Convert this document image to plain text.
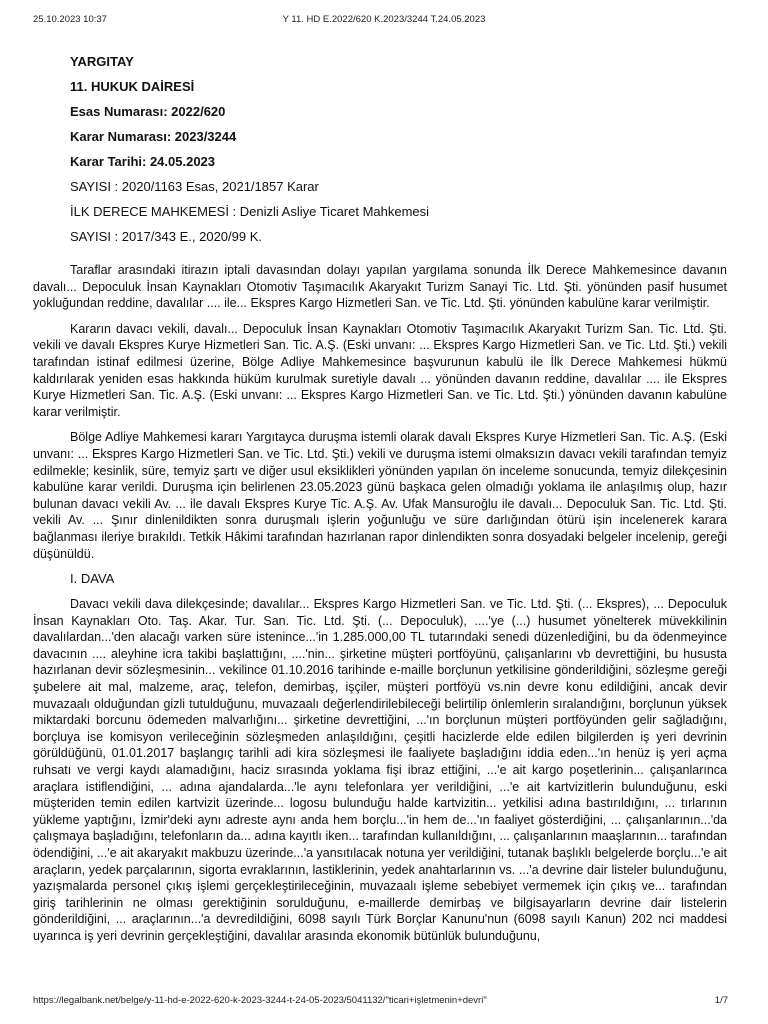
25.10.2023 10:37	Y 11. HD E.2022/620 K.2023/3244 T.24.05.2023
YARGITAY
11. HUKUK DAİRESİ
Esas Numarası: 2022/620
Karar Numarası: 2023/3244
Karar Tarihi: 24.05.2023
SAYISI : 2020/1163 Esas, 2021/1857 Karar
İLK DERECE MAHKEMESİ : Denizli Asliye Ticaret Mahkemesi
SAYISI : 2017/343 E., 2020/99 K.

Taraflar arasındaki itirazın iptali davasından dolayı yapılan yargılama sonunda İlk Derece Mahkemesince davanın davalı... Depoculuk İnsan Kaynakları Otomotiv Taşımacılık Akaryakıt Turizm Sanayi Tic. Ltd. Şti. yönünden pasif husumet yokluğundan reddine, davalılar .... ile... Ekspres Kargo Hizmetleri San. ve Tic. Ltd. Şti. yönünden kabulüne karar verilmiştir.

Kararın davacı vekili, davalı... Depoculuk İnsan Kaynakları Otomotiv Taşımacılık Akaryakıt Turizm San. Tic. Ltd. Şti. vekili ve davalı Ekspres Kurye Hizmetleri San. Tic. A.Ş. (Eski unvanı: ... Ekspres Kargo Hizmetleri San. ve Tic. Ltd. Şti.) vekili tarafından istinaf edilmesi üzerine, Bölge Adliye Mahkemesince başvurunun kabulü ile İlk Derece Mahkemesi hükmü kaldırılarak yeniden esas hakkında hüküm kurulmak suretiyle davalı ... yönünden davanın reddine, davalılar .... ile Ekspres Kurye Hizmetleri San. Tic. A.Ş. (Eski unvanı: ... Ekspres Kargo Hizmetleri San. ve Tic. Ltd. Şti.) yönünden davanın kabulüne karar verilmiştir.

Bölge Adliye Mahkemesi kararı Yargıtayca duruşma istemli olarak davalı Ekspres Kurye Hizmetleri San. Tic. A.Ş. (Eski unvanı: ... Ekspres Kargo Hizmetleri San. ve Tic. Ltd. Şti.) vekili ve duruşma istemi olmaksızın davacı vekili tarafından temyiz edilmekle; kesinlik, süre, temyiz şartı ve diğer usul eksiklikleri yönünden yapılan ön inceleme sonucunda, temyiz dilekçesinin kabulüne karar verildi. Duruşma için belirlenen 23.05.2023 günü başkaca gelen olmadığı yoklama ile anlaşılmış olup, hazır bulunan davacı vekili Av. ... ile davalı Ekspres Kurye Tic. A.Ş. Av. Ufak Mansuroğlu ile davalı... Depoculuk San. Tic. Ltd. Şti. vekili Av. ... Şınır dinlenildikten sonra duruşmalı işlerin yoğunluğu ve süre darlığından ötürü işin incelenerek karara bağlanması ileriye bırakıldı. Tetkik Hâkimi tarafından hazırlanan rapor dinlendikten sonra dosyadaki belgeler incelenip, gereği düşünüldü.

I. DAVA

Davacı vekili dava dilekçesinde; davalılar... Ekspres Kargo Hizmetleri San. ve Tic. Ltd. Şti. (... Ekspres), ... Depoculuk İnsan Kaynakları Oto. Taş. Akar. Tur. San. Tic. Ltd. Şti. (... Depoculuk), ....'ye (...) husumet yönelterek müvekkilinin davalılardan...'den alacağı varken süre istenince...'in 1.285.000,00 TL tutarındaki senedi düzenlediğini, bu da ödenmeyince davacının .... aleyhine icra takibi başlattığını, ....'nin... şirketine müşteri portföyünü, çalışanlarını vb devrettiğini, bu hususta hazırlanan devir sözleşmesinin... vekilince 01.10.2016 tarihinde e-maille borçlunun yetkilisine gönderildiğini, sözleşme gereği şubelere ait mal, malzeme, araç, telefon, demirbaş, işçiler, müşteri portföyü vs.nin devre konu edildiğini, ancak devir muvazaalı olduğundan gizli tutulduğunu, muvazaalı değerlendirilebileceği belirtilip önlemlerin sıralandığını, borçlunun yüksek miktardaki borcunu ödemeden malvarlığını... şirketine devrettiğini, ...'ın borçlunun müşteri portföyünden gelir sağladığını, borçluya ise komisyon verileceğinin sözleşmeden anlaşıldığını, çeşitli hacizlerde elde edilen bilgilerden iş yeri devrinin görüldüğünü, 01.01.2017 başlangıç tarihli adi kira sözleşmesi ile faaliyete başladığını iddia eden...'ın henüz iş yeri açma ruhsatı ve vergi kaydı alamadığını, haciz sırasında yoklama fişi ibraz ettiğini, ...'e ait kargo poşetlerinin... çalışanlarınca araçlara istiflendiğini, ... adına ajandalarda...'le aynı telefonlara yer verildiğini, ...'e ait kartvizitlerin bulunduğunu, eski müşteriden temin edilen kartvizit üzerinde... logosu bulunduğu halde kartvizitin... yetkilisi adına bastırıldığını, ... tırlarının yükleme yaptığını, İzmir'deki aynı adreste aynı anda hem borçlu...'in hem de...'ın faaliyet gösterdiğini, ... çalışanlarının...'da çalışmaya başladığını, telefonların da... adına kayıtlı iken... tarafından kullanıldığını, ... çalışanlarının maaşlarının... tarafından ödendiğini, ...'e ait akaryakıt makbuzu üzerinde...'a yansıtılacak notuna yer verildiğini, tutanak başlıklı belgelerde borçlu...'e ait araçların, yedek parçalarının, sigorta evraklarının, lastiklerinin, yedek anahtarlarının vs. ...'a devrine dair listeler bulunduğunu, yazışmalarda personel çıkış işlemi gerçekleştirileceğinin, muvazaalı işleme sebebiyet vermemek için çıkış ve... tarafından giriş tarihlerinin ne olması gerektiğinin sorulduğunu, e-maillerde demirbaş ve bilgisayarların devrine dair listelerin gönderildiğini, ... araçlarının...'a devredildiğini, 6098 sayılı Türk Borçlar Kanunu'nun (6098 sayılı Kanun) 202 nci maddesi uyarınca iş yeri devrinin gerçekleştiğini, davalılar arasında ekonomik bütünlük bulunduğunu,

https://legalbank.net/belge/y-11-hd-e-2022-620-k-2023-3244-t-24-05-2023/5041132/"ticari+işletmenin+devri"	1/7
